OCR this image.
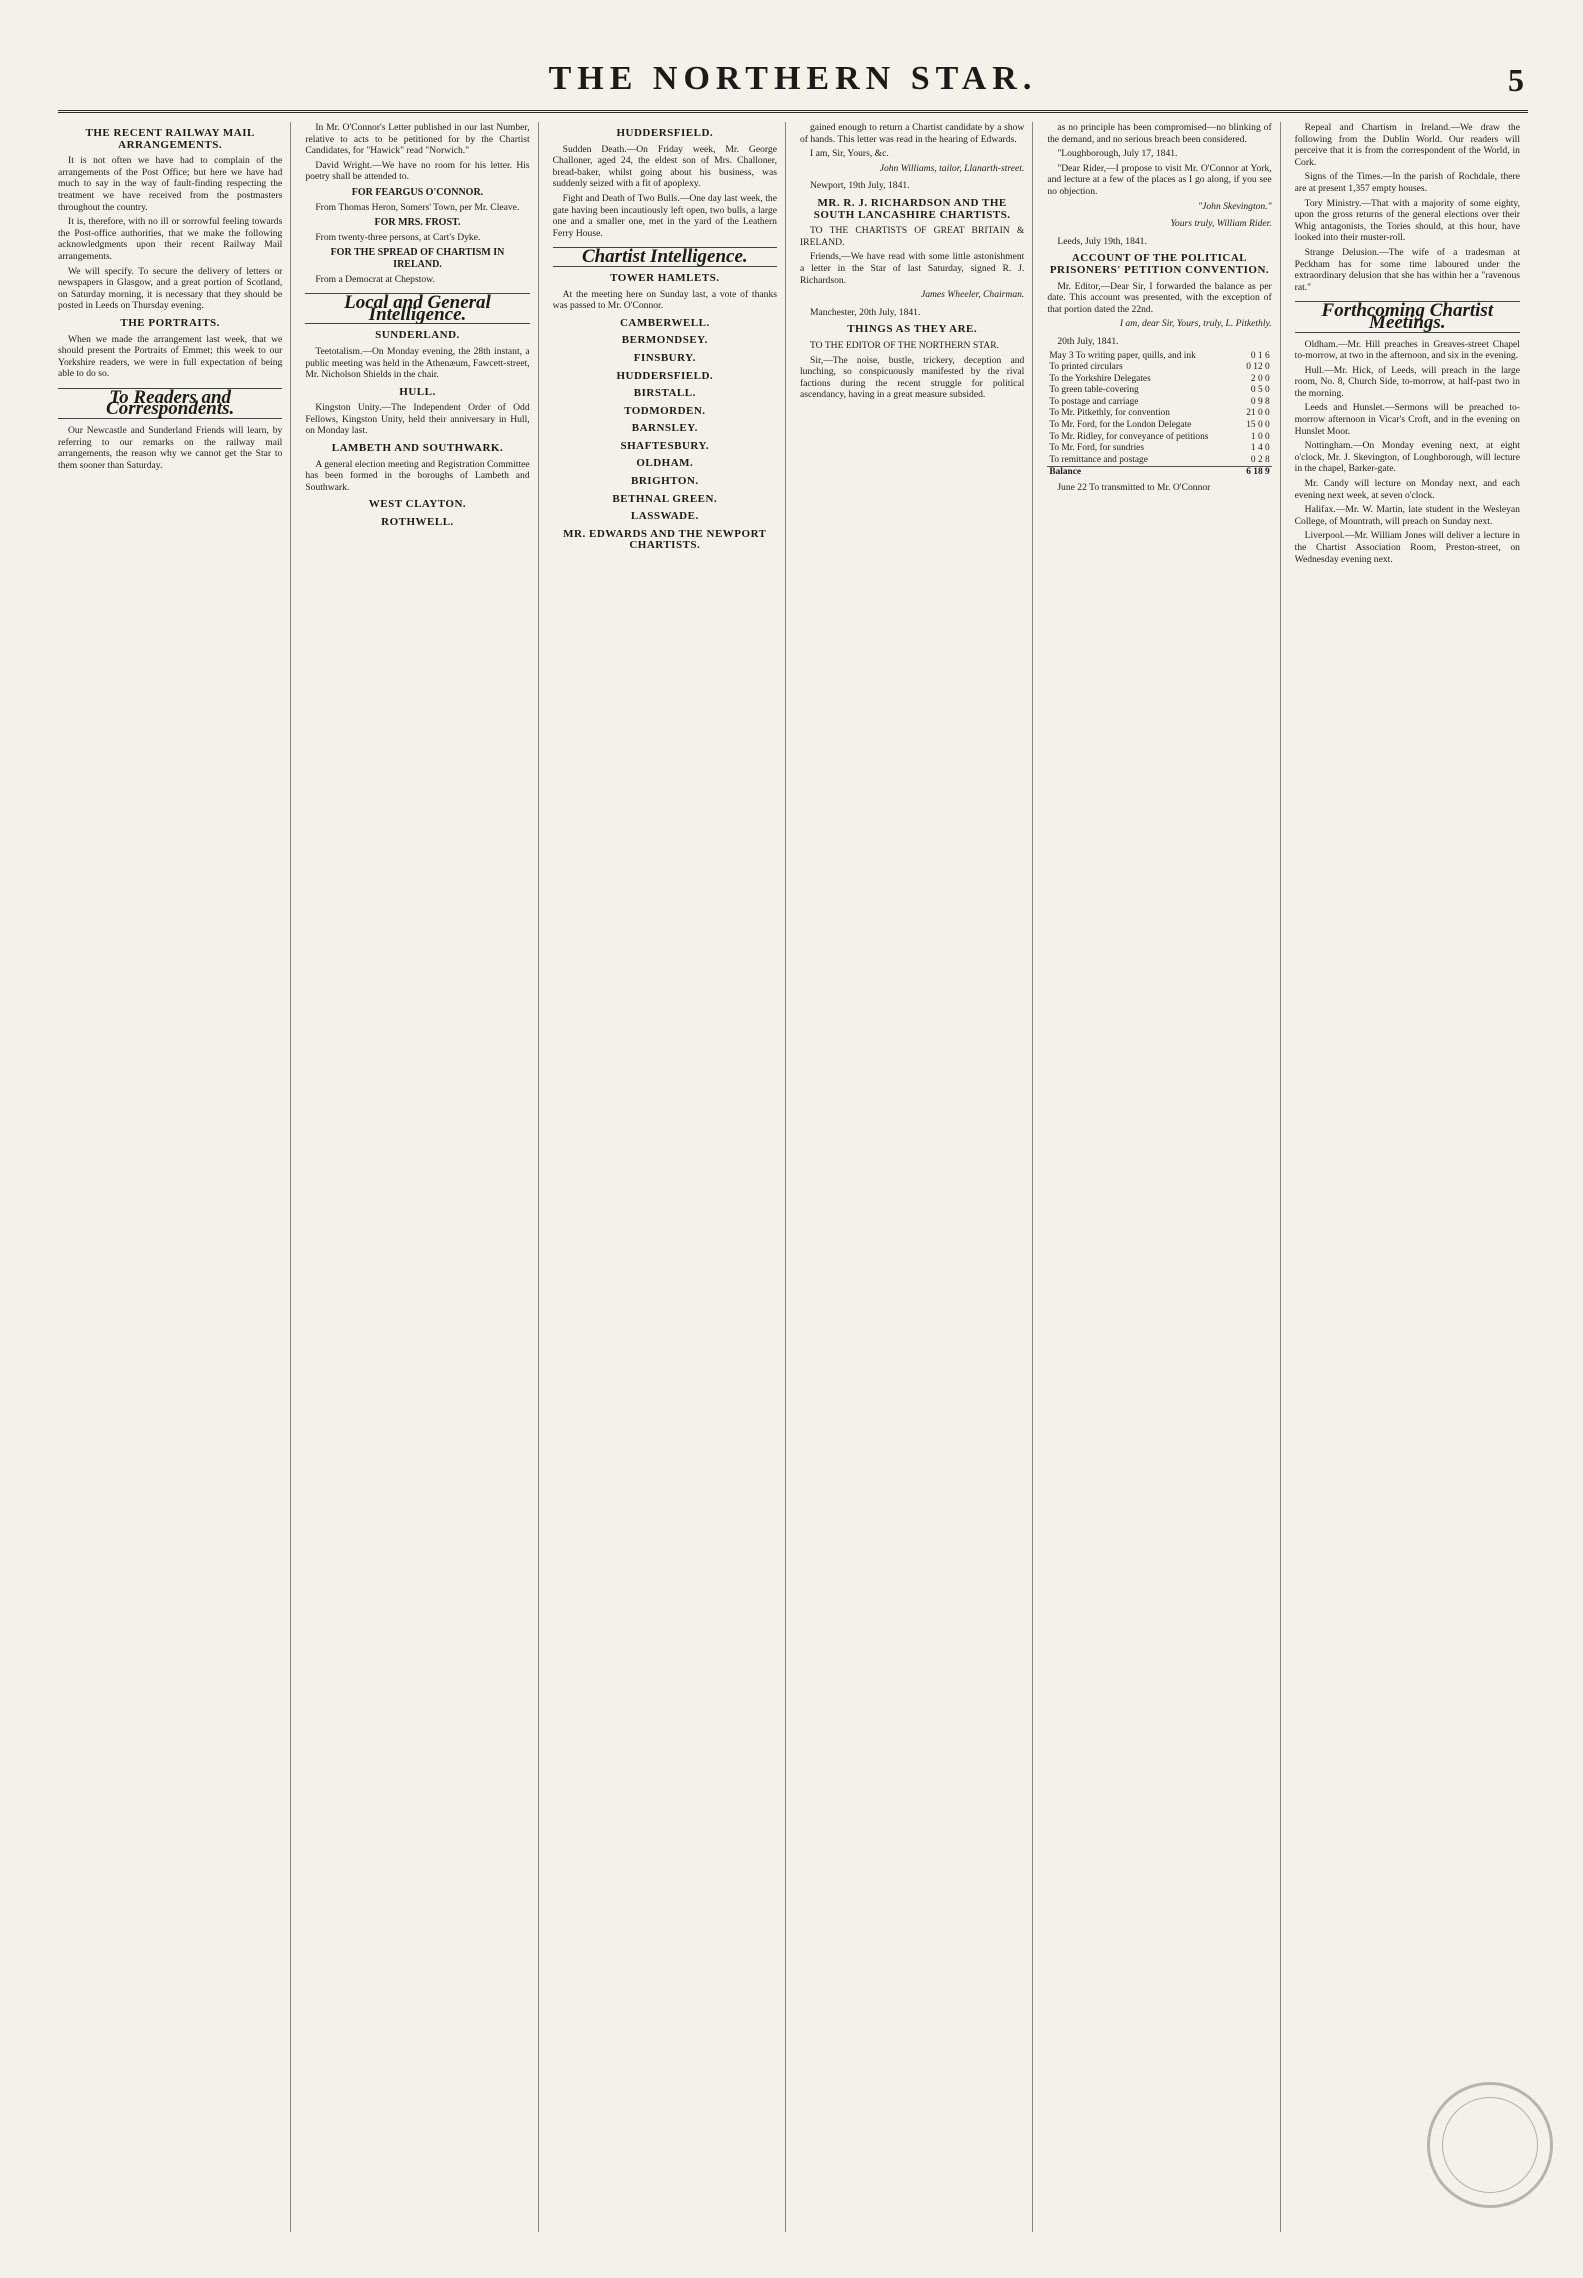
THE NORTHERN STAR.	5
THE RECENT RAILWAY MAIL ARRANGEMENTS.

It is not often we have had to complain of the arrangements of the Post Office; but here we have had much to say in the way of fault-finding respecting the treatment we have received from the postmasters throughout the country.

It is, therefore, with no ill or sorrowful feeling towards the Post-office authorities, that we make the following acknowledgments upon their recent Railway Mail arrangements.

We will specify. To secure the delivery of letters or newspapers in Glasgow, and a great portion of Scotland, on Saturday morning, it is necessary that they should be posted in Leeds on Thursday evening.

THE PORTRAITS.

When we made the arrangement last week, that we should present the Portraits of Emmet; this week to our Yorkshire readers, we were in full expectation of being able to do so.

To Readers and Correspondents.

Our Newcastle and Sunderland Friends will learn, by referring to our remarks on the railway mail arrangements, the reason why we cannot get the Star to them sooner than Saturday.

In Mr. O'Connor's Letter published in our last Number, relative to acts to be petitioned for by the Chartist Candidates, for "Hawick" read "Norwich."

David Wright.—We have no room for his letter. His poetry shall be attended to.

FOR FEARGUS O'CONNOR.

From Thomas Heron, Somers' Town, per Mr. Cleave.

FOR MRS. FROST.

From twenty-three persons, at Cart's Dyke.

FOR THE SPREAD OF CHARTISM IN IRELAND.

From a Democrat at Chepstow.

Local and General Intelligence.
SUNDERLAND.

Teetotalism.—On Monday evening, the 28th instant, a public meeting was held in the Athenæum, Fawcett-street, Mr. Nicholson Shields in the chair.

HULL.

Kingston Unity.—The Independent Order of Odd Fellows, Kingston Unity, held their anniversary in Hull, on Monday last.

LAMBETH AND SOUTHWARK.

A general election meeting and Registration Committee has been formed in the boroughs of Lambeth and Southwark.

WEST CLAYTON.
ROTHWELL.
HUDDERSFIELD.

Sudden Death.—On Friday week, Mr. George Challoner, aged 24, the eldest son of Mrs. Challoner, bread-baker, whilst going about his business, was suddenly seized with a fit of apoplexy.

Fight and Death of Two Bulls.—One day last week, the gate having been incautiously left open, two bulls, a large one and a smaller one, met in the yard of the Leathern Ferry House.

Chartist Intelligence.
TOWER HAMLETS.

At the meeting here on Sunday last, a vote of thanks was passed to Mr. O'Connor.

CAMBERWELL.
BERMONDSEY.
FINSBURY.
HUDDERSFIELD.
BIRSTALL.
TODMORDEN.
BARNSLEY.
SHAFTESBURY.
OLDHAM.
BRIGHTON.
BETHNAL GREEN.
LASSWADE.
MR. EDWARDS AND THE NEWPORT CHARTISTS.

gained enough to return a Chartist candidate by a show of hands. This letter was read in the hearing of Edwards.

I am, Sir, Yours, &c.

John Williams, tailor, Llanarth-street.

Newport, 19th July, 1841.

MR. R. J. RICHARDSON AND THE SOUTH LANCASHIRE CHARTISTS.

TO THE CHARTISTS OF GREAT BRITAIN & IRELAND.

Friends,—We have read with some little astonishment a letter in the Star of last Saturday, signed R. J. Richardson.

James Wheeler, Chairman.

Manchester, 20th July, 1841.

THINGS AS THEY ARE.

TO THE EDITOR OF THE NORTHERN STAR.

Sir,—The noise, bustle, trickery, deception and lunching, so conspicuously manifested by the rival factions during the recent struggle for political ascendancy, having in a great measure subsided.

as no principle has been compromised—no blinking of the demand, and no serious breach been considered.

"Loughborough, July 17, 1841.

"Dear Rider,—I propose to visit Mr. O'Connor at York, and lecture at a few of the places as I go along, if you see no objection.

"John Skevington."
Yours truly, William Rider.

Leeds, July 19th, 1841.

ACCOUNT OF THE POLITICAL PRISONERS' PETITION CONVENTION.

Mr. Editor,—Dear Sir, I forwarded the balance as per date. This account was presented, with the exception of that portion dated the 22nd.

I am, dear Sir, Yours, truly, L. Pitkethly.

20th July, 1841.

May 3 To writing paper, quills, and ink	0 1 6
To printed circulars	0 12 0
To the Yorkshire Delegates	2 0 0
To green table-covering	0 5 0
To postage and carriage	0 9 8
To Mr. Pitkethly, for convention	21 0 0
To Mr. Ford, for the London Delegate	15 0 0
To Mr. Ridley, for conveyance of petitions	1 0 0
To Mr. Ford, for sundries	1 4 0
To remittance and postage	0 2 8
Balance	6 18 9

June 22 To transmitted to Mr. O'Connor

Repeal and Chartism in Ireland.—We draw the following from the Dublin World. Our readers will perceive that it is from the correspondent of the World, in Cork.

Signs of the Times.—In the parish of Rochdale, there are at present 1,357 empty houses.

Tory Ministry.—That with a majority of some eighty, upon the gross returns of the general elections over their Whig antagonists, the Tories should, at this hour, have looked into their muster-roll.

Strange Delusion.—The wife of a tradesman at Peckham has for some time laboured under the extraordinary delusion that she has within her a "ravenous rat."

Forthcoming Chartist Meetings.

Oldham.—Mr. Hill preaches in Greaves-street Chapel to-morrow, at two in the afternoon, and six in the evening.

Hull.—Mr. Hick, of Leeds, will preach in the large room, No. 8, Church Side, to-morrow, at half-past two in the morning.

Leeds and Hunslet.—Sermons will be preached to-morrow afternoon in Vicar's Croft, and in the evening on Hunslet Moor.

Nottingham.—On Monday evening next, at eight o'clock, Mr. J. Skevington, of Loughborough, will lecture in the chapel, Barker-gate.

Mr. Candy will lecture on Monday next, and each evening next week, at seven o'clock.

Halifax.—Mr. W. Martin, late student in the Wesleyan College, of Mountrath, will preach on Sunday next.

Liverpool.—Mr. William Jones will deliver a lecture in the Chartist Association Room, Preston-street, on Wednesday evening next.
